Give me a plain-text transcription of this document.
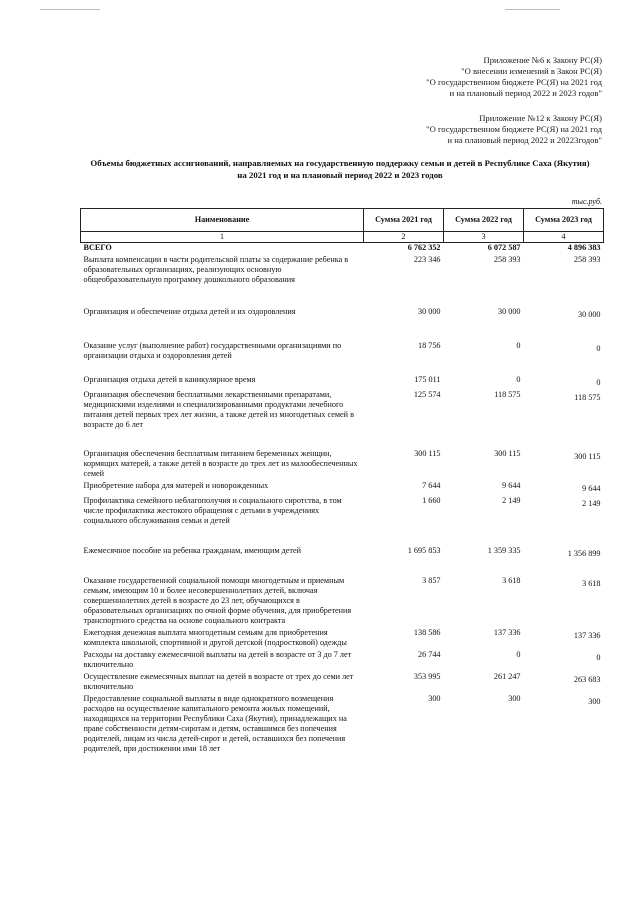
Приложение №6 к Закону РС(Я)
"О внесении изменений в Закон РС(Я)
"О государственном бюджете РС(Я) на 2021 год
и на плановый период 2022 и 2023 годов"
Приложение №12 к Закону РС(Я)
"О государственном бюджете РС(Я) на 2021 год
и на плановый период 2022 и 20223годов"
Объемы бюджетных ассигнований, направляемых на государственную поддержку семьи и детей в Республике Саха (Якутия)
на 2021 год и на плановый период 2022 и 2023 годов
тыс.руб.
Наименование	Сумма 2021 год	Сумма 2022 год	Сумма 2023 год
1	2	3	4
ВСЕГО	6 762 352	6 072 587	4 896 383
Выплата компенсации в части родительской платы за содержание ребенка в образовательных организациях, реализующих основную общеобразовательную программу дошкольного образования	223 346	258 393	258 393
Организация и обеспечение отдыха детей и их оздоровления	30 000	30 000	30 000
Оказание услуг (выполнение работ) государственными организациями по организации отдыха и оздоровления детей	18 756	0	0
Организация отдыха детей в каникулярное время	175 011	0	0
Организация обеспечения бесплатными лекарственными препаратами, медицинскими изделиями и специализированными продуктами лечебного питания детей первых трех лет жизни, а также детей из многодетных семей в возрасте до 6 лет	125 574	118 575	118 575
Организация обеспечения бесплатным питанием беременных женщин, кормящих матерей, а также детей в возрасте до трех лет из малообеспеченных семей	300 115	300 115	300 115
Приобретение набора для матерей и новорожденных	7 644	9 644	9 644
Профилактика семейного неблагополучия и социального сиротства, в том числе профилактика жестокого обращения с детьми в учреждениях социального обслуживания семьи и детей	1 660	2 149	2 149
Ежемесячное пособие на ребенка гражданам, имеющим детей	1 695 853	1 359 335	1 356 899
Оказание государственной социальной помощи многодетным и приемным семьям, имеющим 10 и более несовершеннолетних детей, включая совершеннолетних детей в возрасте до 23 лет, обучающихся в образовательных организациях по очной форме обучения, для приобретения транспортного средства на основе социального контракта	3 857	3 618	3 618
Ежегодная денежная выплата многодетным семьям для приобретения комплекта школьной, спортивной и другой детской (подростковой) одежды	138 586	137 336	137 336
Расходы на доставку ежемесячной выплаты на детей в возрасте от 3 до 7 лет включительно	26 744	0	0
Осуществление ежемесячных выплат на детей в возрасте от трех до семи лет включительно	353 995	261 247	263 683
Предоставление социальной выплаты в виде однократного возмещения расходов на осуществление капитального ремонта жилых помещений, находящихся на территории Республики Саха (Якутия), принадлежащих на праве собственности детям-сиротам и детям, оставшимся без попечения родителей, лицам из числа детей-сирот и детей, оставшихся без попечения родителей, при достижении ими 18 лет	300	300	300
